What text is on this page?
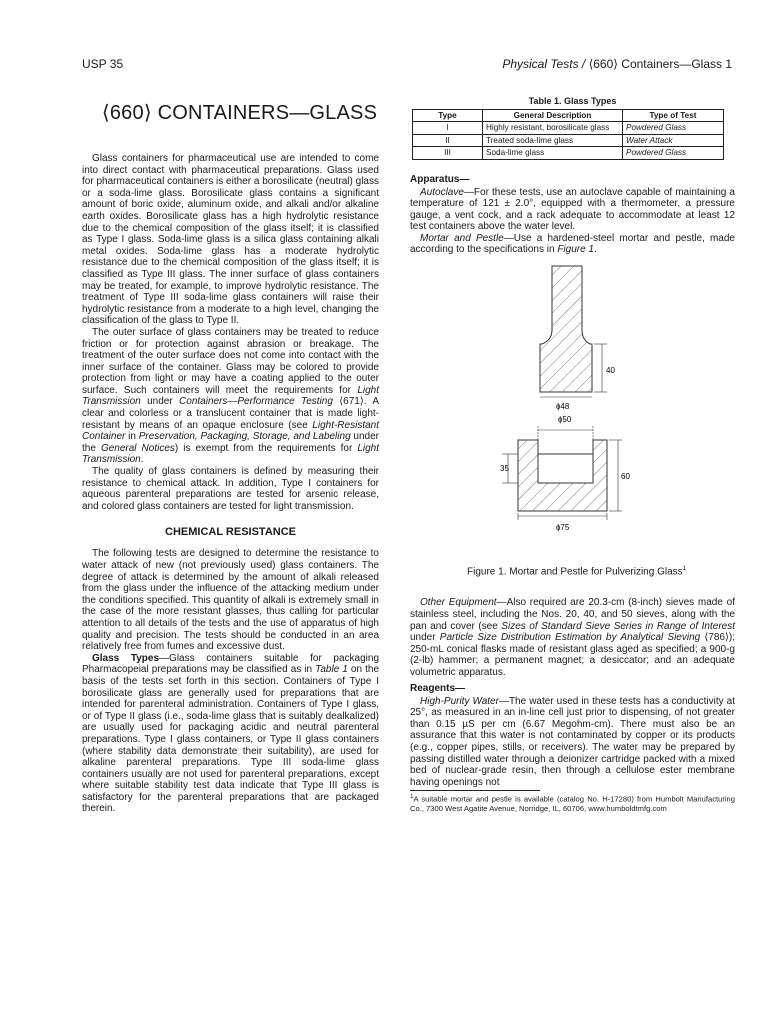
USP 35	Physical Tests / ⟨660⟩ Containers—Glass 1
⟨660⟩ CONTAINERS—GLASS

Glass containers for pharmaceutical use are intended to come into direct contact with pharmaceutical preparations. Glass used for pharmaceutical containers is either a borosilicate (neutral) glass or a soda-lime glass. Borosilicate glass contains a significant amount of boric oxide, aluminum oxide, and alkali and/or alkaline earth oxides. Borosilicate glass has a high hydrolytic resistance due to the chemical composition of the glass itself; it is classified as Type I glass. Soda-lime glass is a silica glass containing alkali metal oxides. Soda-lime glass has a moderate hydrolytic resistance due to the chemical composition of the glass itself; it is classified as Type III glass. The inner surface of glass containers may be treated, for example, to improve hydrolytic resistance. The treatment of Type III soda-lime glass containers will raise their hydrolytic resistance from a moderate to a high level, changing the classification of the glass to Type II.

The outer surface of glass containers may be treated to reduce friction or for protection against abrasion or breakage. The treatment of the outer surface does not come into contact with the inner surface of the container. Glass may be colored to provide protection from light or may have a coating applied to the outer surface. Such containers will meet the requirements for Light Transmission under Containers—Performance Testing ⟨671⟩. A clear and colorless or a translucent container that is made light-resistant by means of an opaque enclosure (see Light-Resistant Container in Preservation, Packaging, Storage, and Labeling under the General Notices) is exempt from the requirements for Light Transmission.

The quality of glass containers is defined by measuring their resistance to chemical attack. In addition, Type I containers for aqueous parenteral preparations are tested for arsenic release, and colored glass containers are tested for light transmission.

CHEMICAL RESISTANCE

The following tests are designed to determine the resistance to water attack of new (not previously used) glass containers. The degree of attack is determined by the amount of alkali released from the glass under the influence of the attacking medium under the conditions specified. This quantity of alkali is extremely small in the case of the more resistant glasses, thus calling for particular attention to all details of the tests and the use of apparatus of high quality and precision. The tests should be conducted in an area relatively free from fumes and excessive dust.

Glass Types—Glass containers suitable for packaging Pharmacopeial preparations may be classified as in Table 1 on the basis of the tests set forth in this section. Containers of Type I borosilicate glass are generally used for preparations that are intended for parenteral administration. Containers of Type I glass, or of Type II glass (i.e., soda-lime glass that is suitably dealkalized) are usually used for packaging acidic and neutral parenteral preparations. Type I glass containers, or Type II glass containers (where stability data demonstrate their suitability), are used for alkaline parenteral preparations. Type III soda-lime glass containers usually are not used for parenteral preparations, except where suitable stability test data indicate that Type III glass is satisfactory for the parenteral preparations that are packaged therein.

Table 1. Glass Types
Type	General Description	Type of Test
I	Highly resistant, borosilicate glass	Powdered Glass
II	Treated soda-lime glass	Water Attack
III	Soda-lime glass	Powdered Glass
Apparatus—

Autoclave—For these tests, use an autoclave capable of maintaining a temperature of 121 ± 2.0°, equipped with a thermometer, a pressure gauge, a vent cock, and a rack adequate to accommodate at least 12 test containers above the water level.

Mortar and Pestle—Use a hardened-steel mortar and pestle, made according to the specifications in Figure 1.

40
ɸ48
ɸ50
35
60
ɸ75
Figure 1. Mortar and Pestle for Pulverizing Glass$^1$

Other Equipment—Also required are 20.3-cm (8-inch) sieves made of stainless steel, including the Nos. 20, 40, and 50 sieves, along with the pan and cover (see Sizes of Standard Sieve Series in Range of Interest under Particle Size Distribution Estimation by Analytical Sieving ⟨786⟩); 250-mL conical flasks made of resistant glass aged as specified; a 900-g (2-lb) hammer; a permanent magnet; a desiccator; and an adequate volumetric apparatus.

Reagents—

High-Purity Water—The water used in these tests has a conductivity at 25°, as measured in an in-line cell just prior to dispensing, of not greater than 0.15 µS per cm (6.67 Megohm-cm). There must also be an assurance that this water is not contaminated by copper or its products (e.g., copper pipes, stills, or receivers). The water may be prepared by passing distilled water through a deionizer cartridge packed with a mixed bed of nuclear-grade resin, then through a cellulose ester membrane having openings not

$^1$A suitable mortar and pestle is available (catalog No. H-17280) from Humbolt Manufacturing Co., 7300 West Agatite Avenue, Norridge, IL, 60706, www.humboldtmfg.com
